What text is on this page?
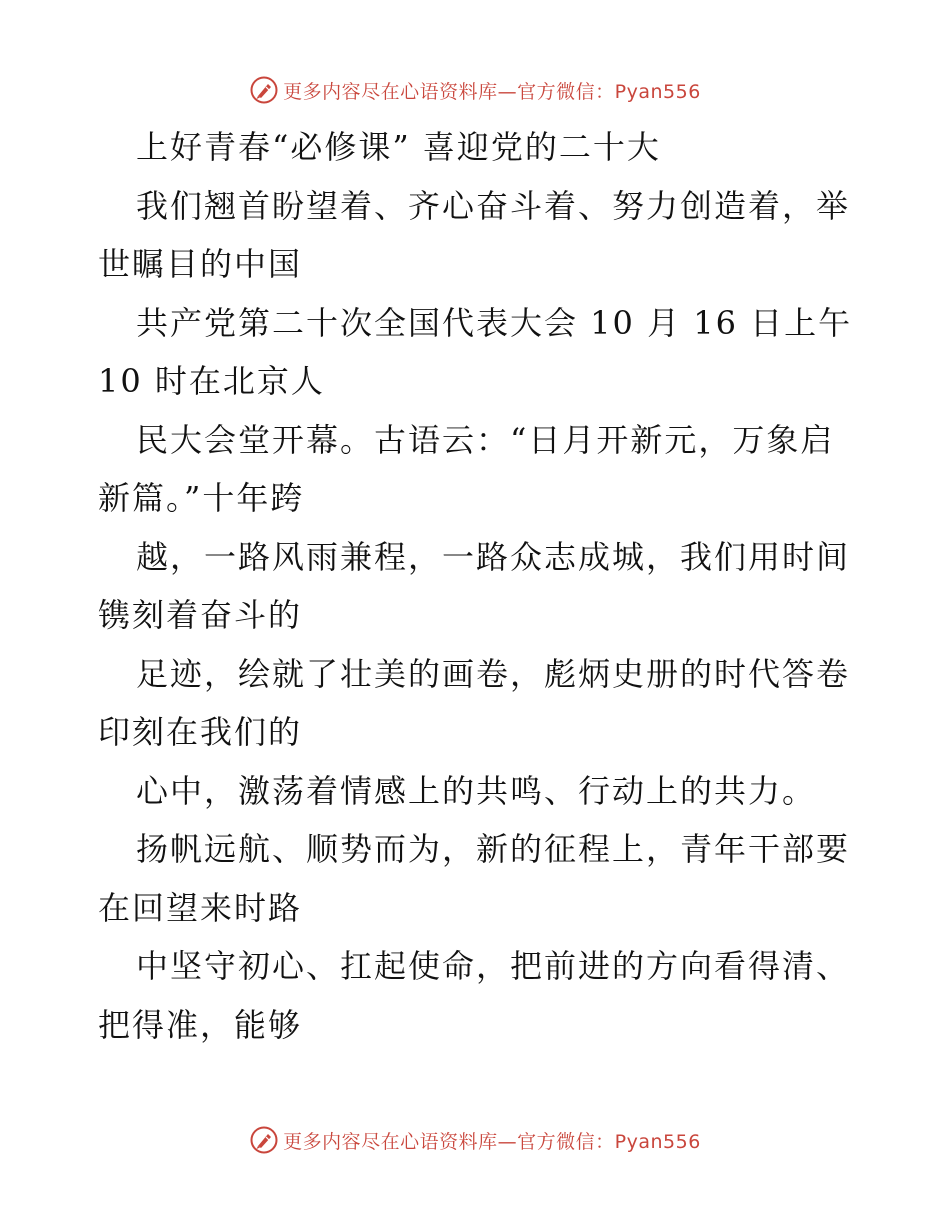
更多内容尽在心语资料库—官方微信：Pyan556
上好青春“必修课” 喜迎党的二十大
我们翘首盼望着、齐心奋斗着、努力创造着，举
世瞩目的中国
共产党第二十次全国代表大会 10 月 16 日上午
10 时在北京人
民大会堂开幕。古语云：“日月开新元，万象启
新篇。”十年跨
越，一路风雨兼程，一路众志成城，我们用时间
镌刻着奋斗的
足迹，绘就了壮美的画卷，彪炳史册的时代答卷
印刻在我们的
心中，激荡着情感上的共鸣、行动上的共力。
扬帆远航、顺势而为，新的征程上，青年干部要
在回望来时路
中坚守初心、扛起使命，把前进的方向看得清、
把得准，能够
更多内容尽在心语资料库—官方微信：Pyan556
